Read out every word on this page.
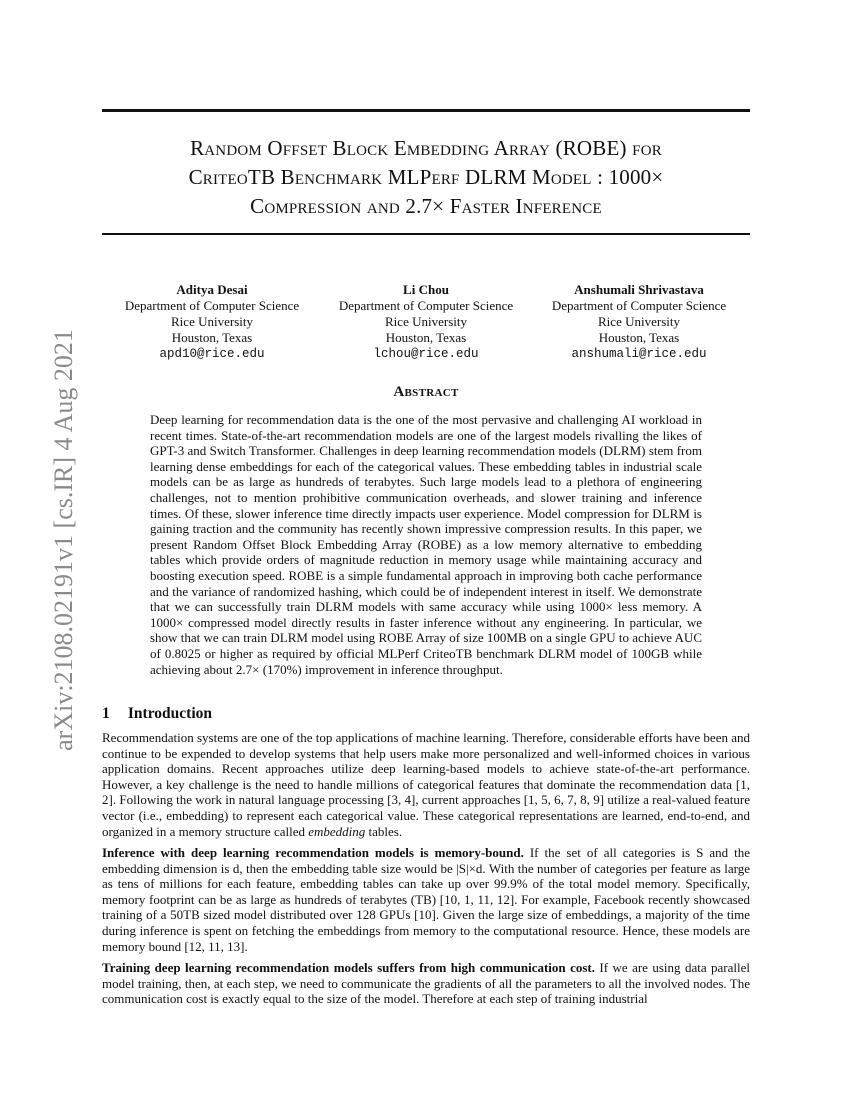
Random Offset Block Embedding Array (ROBE) for
CriteoTB Benchmark MLPerf DLRM Model : 1000×
Compression and 2.7× Faster Inference
arXiv:2108.02191v1 [cs.IR] 4 Aug 2021
Aditya Desai
Department of Computer Science
Rice University
Houston, Texas
apd10@rice.edu
Li Chou
Department of Computer Science
Rice University
Houston, Texas
lchou@rice.edu
Anshumali Shrivastava
Department of Computer Science
Rice University
Houston, Texas
anshumali@rice.edu
Abstract
Deep learning for recommendation data is the one of the most pervasive and challenging AI workload in recent times. State-of-the-art recommendation models are one of the largest models rivalling the likes of GPT-3 and Switch Transformer. Challenges in deep learning recommendation models (DLRM) stem from learning dense embeddings for each of the categorical values. These embedding tables in industrial scale models can be as large as hundreds of terabytes. Such large models lead to a plethora of engineering challenges, not to mention prohibitive communication overheads, and slower training and inference times. Of these, slower inference time directly impacts user experience. Model compression for DLRM is gaining traction and the community has recently shown impressive compression results. In this paper, we present Random Offset Block Embedding Array (ROBE) as a low memory alternative to embedding tables which provide orders of magnitude reduction in memory usage while maintaining accuracy and boosting execution speed. ROBE is a simple fundamental approach in improving both cache performance and the variance of randomized hashing, which could be of independent interest in itself. We demonstrate that we can successfully train DLRM models with same accuracy while using 1000× less memory. A 1000× compressed model directly results in faster inference without any engineering. In particular, we show that we can train DLRM model using ROBE Array of size 100MB on a single GPU to achieve AUC of 0.8025 or higher as required by official MLPerf CriteoTB benchmark DLRM model of 100GB while achieving about 2.7× (170%) improvement in inference throughput.
1 Introduction
Recommendation systems are one of the top applications of machine learning. Therefore, considerable efforts have been and continue to be expended to develop systems that help users make more personalized and well-informed choices in various application domains. Recent approaches utilize deep learning-based models to achieve state-of-the-art performance. However, a key challenge is the need to handle millions of categorical features that dominate the recommendation data [1, 2]. Following the work in natural language processing [3, 4], current approaches [1, 5, 6, 7, 8, 9] utilize a real-valued feature vector (i.e., embedding) to represent each categorical value. These categorical representations are learned, end-to-end, and organized in a memory structure called embedding tables.
Inference with deep learning recommendation models is memory-bound. If the set of all categories is S and the embedding dimension is d, then the embedding table size would be |S|×d. With the number of categories per feature as large as tens of millions for each feature, embedding tables can take up over 99.9% of the total model memory. Specifically, memory footprint can be as large as hundreds of terabytes (TB) [10, 1, 11, 12]. For example, Facebook recently showcased training of a 50TB sized model distributed over 128 GPUs [10]. Given the large size of embeddings, a majority of the time during inference is spent on fetching the embeddings from memory to the computational resource. Hence, these models are memory bound [12, 11, 13].
Training deep learning recommendation models suffers from high communication cost. If we are using data parallel model training, then, at each step, we need to communicate the gradients of all the parameters to all the involved nodes. The communication cost is exactly equal to the size of the model. Therefore at each step of training industrial
